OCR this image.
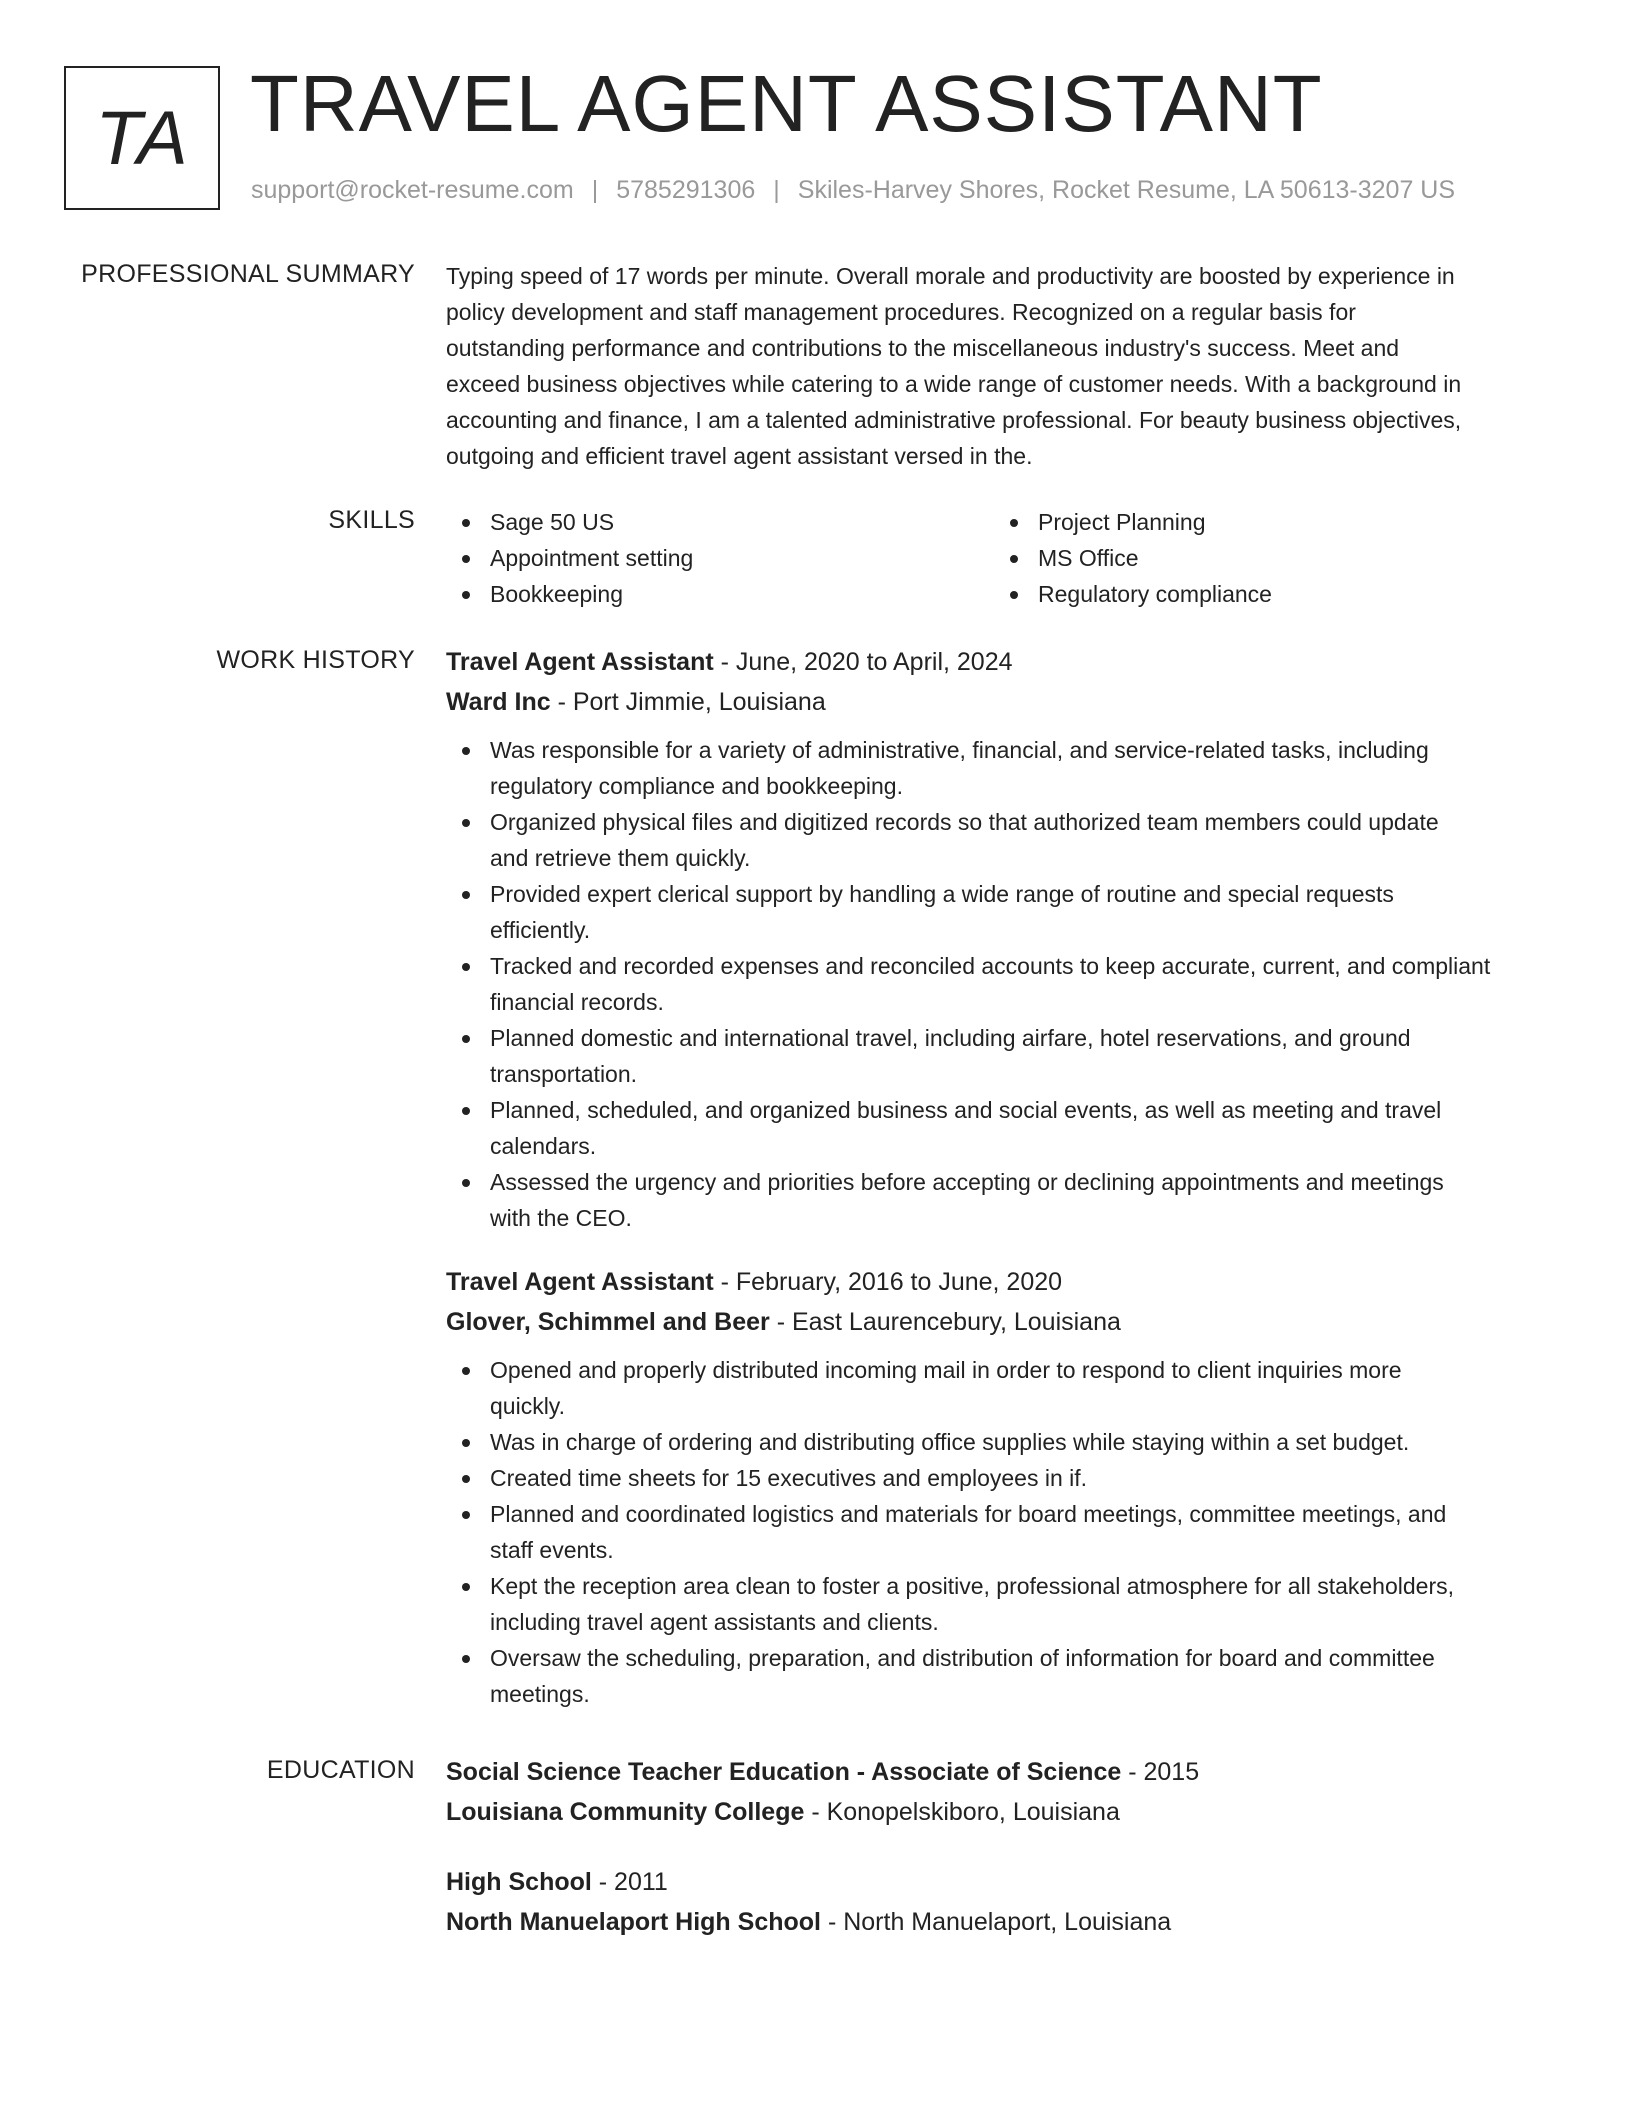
TA TRAVEL AGENT ASSISTANT
support@rocket-resume.com | 5785291306 | Skiles-Harvey Shores, Rocket Resume, LA 50613-3207 US
PROFESSIONAL SUMMARY Typing speed of 17 words per minute. Overall morale and productivity are boosted by experience in
policy development and staff management procedures. Recognized on a regular basis for
outstanding performance and contributions to the miscellaneous industry's success. Meet and
exceed business objectives while catering to a wide range of customer needs. With a background in
accounting and finance, I am a talented administrative professional. For beauty business objectives,
outgoing and efficient travel agent assistant versed in the.
SKILLS	Sage 50 US
Appointment setting
Bookkeeping
Project Planning
MS Office
Regulatory compliance
WORK HISTORY Travel Agent Assistant - June, 2020 to April, 2024
Ward Inc - Port Jimmie, Louisiana
Was responsible for a variety of administrative, financial, and service-related tasks, including
regulatory compliance and bookkeeping.
Organized physical files and digitized records so that authorized team members could update
and retrieve them quickly.
Provided expert clerical support by handling a wide range of routine and special requests
efficiently.
Tracked and recorded expenses and reconciled accounts to keep accurate, current, and compliant
financial records.
Planned domestic and international travel, including airfare, hotel reservations, and ground
transportation.
Planned, scheduled, and organized business and social events, as well as meeting and travel
calendars.
Assessed the urgency and priorities before accepting or declining appointments and meetings
with the CEO.
Travel Agent Assistant - February, 2016 to June, 2020
Glover, Schimmel and Beer - East Laurencebury, Louisiana
Opened and properly distributed incoming mail in order to respond to client inquiries more
quickly.
Was in charge of ordering and distributing office supplies while staying within a set budget.
Created time sheets for 15 executives and employees in if.
Planned and coordinated logistics and materials for board meetings, committee meetings, and
staff events.
Kept the reception area clean to foster a positive, professional atmosphere for all stakeholders,
including travel agent assistants and clients.
Oversaw the scheduling, preparation, and distribution of information for board and committee
meetings.
EDUCATION Social Science Teacher Education - Associate of Science - 2015
Louisiana Community College - Konopelskiboro, Louisiana
High School - 2011
North Manuelaport High School - North Manuelaport, Louisiana
